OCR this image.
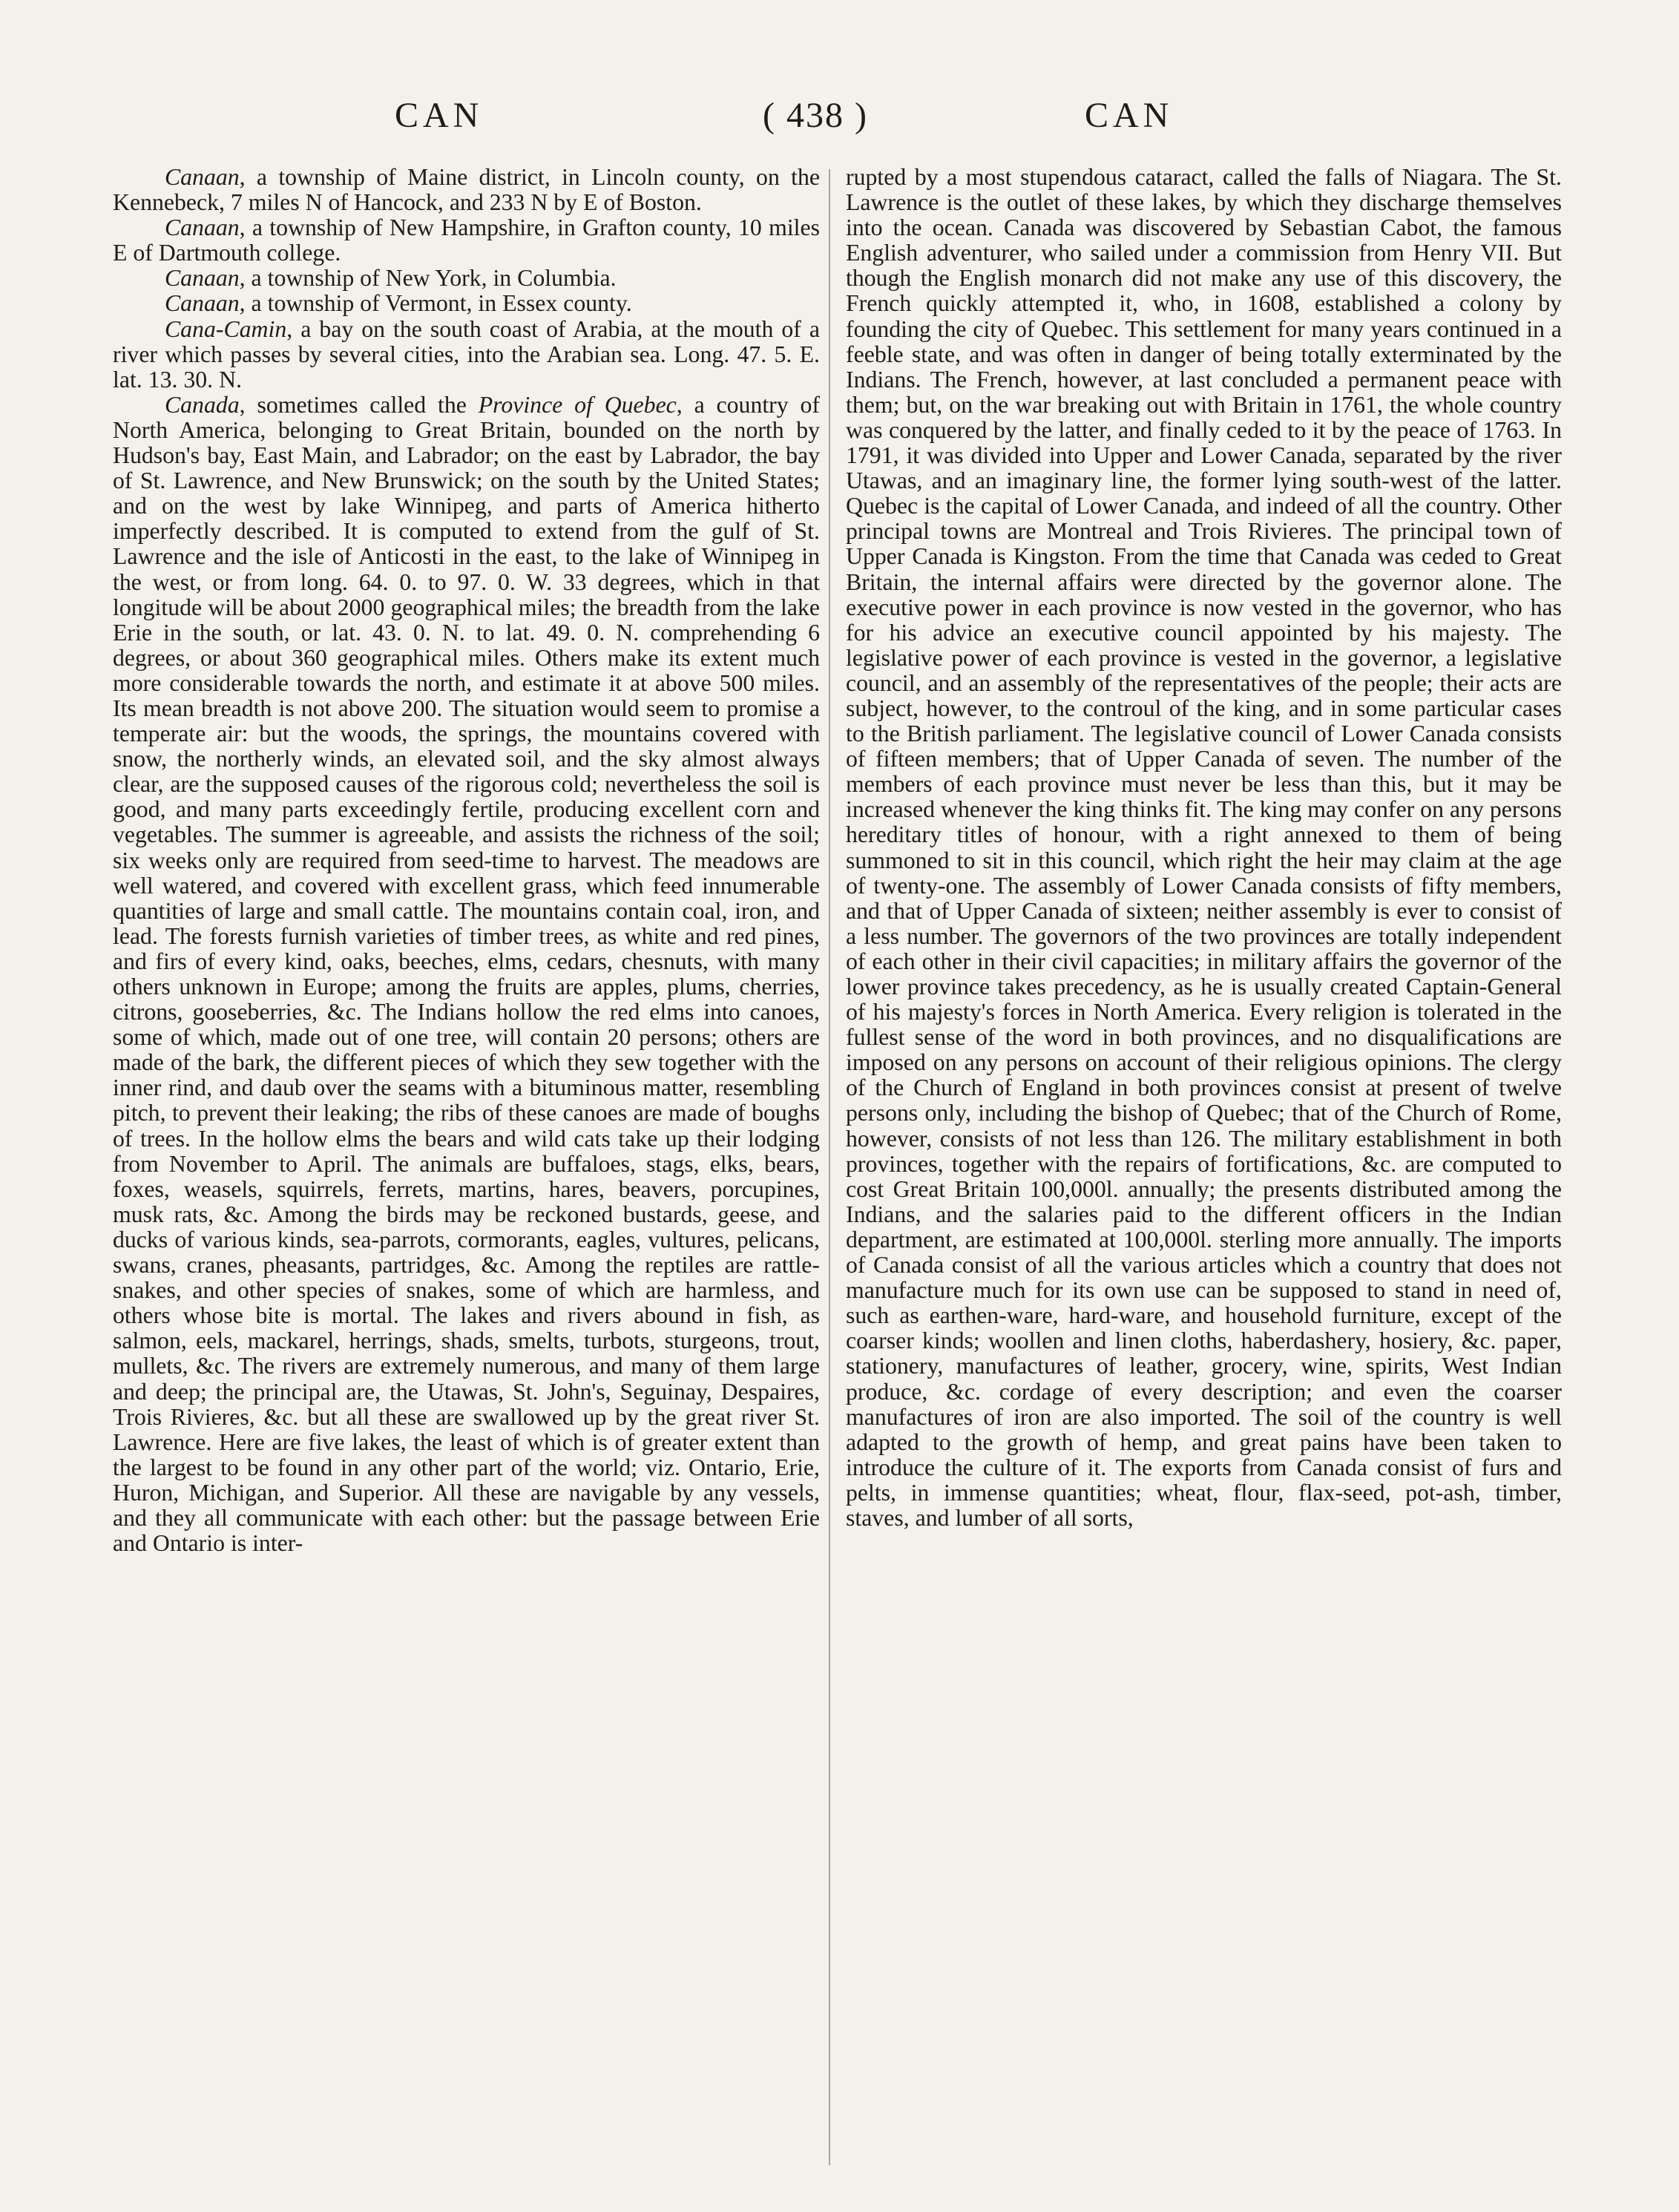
CAN	( 438 )	CAN

Canaan, a township of Maine district, in Lincoln county, on the Kennebeck, 7 miles N of Hancock, and 233 N by E of Boston.

Canaan, a township of New Hampshire, in Grafton county, 10 miles E of Dartmouth college.

Canaan, a township of New York, in Columbia.

Canaan, a township of Vermont, in Essex county.

Cana-Camin, a bay on the south coast of Arabia, at the mouth of a river which passes by several cities, into the Arabian sea. Long. 47. 5. E. lat. 13. 30. N.

Canada, sometimes called the Province of Quebec, a country of North America, belonging to Great Britain, bounded on the north by Hudson's bay, East Main, and Labrador; on the east by Labrador, the bay of St. Lawrence, and New Brunswick; on the south by the United States; and on the west by lake Winnipeg, and parts of America hitherto imperfectly described. It is computed to extend from the gulf of St. Lawrence and the isle of Anticosti in the east, to the lake of Winnipeg in the west, or from long. 64. 0. to 97. 0. W. 33 degrees, which in that longitude will be about 2000 geographical miles; the breadth from the lake Erie in the south, or lat. 43. 0. N. to lat. 49. 0. N. comprehending 6 degrees, or about 360 geographical miles. Others make its extent much more considerable towards the north, and estimate it at above 500 miles. Its mean breadth is not above 200. The situation would seem to promise a temperate air: but the woods, the springs, the mountains covered with snow, the northerly winds, an elevated soil, and the sky almost always clear, are the supposed causes of the rigorous cold; nevertheless the soil is good, and many parts exceedingly fertile, producing excellent corn and vegetables. The summer is agreeable, and assists the richness of the soil; six weeks only are required from seed-time to harvest. The meadows are well watered, and covered with excellent grass, which feed innumerable quantities of large and small cattle. The mountains contain coal, iron, and lead. The forests furnish varieties of timber trees, as white and red pines, and firs of every kind, oaks, beeches, elms, cedars, chesnuts, with many others unknown in Europe; among the fruits are apples, plums, cherries, citrons, gooseberries, &c. The Indians hollow the red elms into canoes, some of which, made out of one tree, will contain 20 persons; others are made of the bark, the different pieces of which they sew together with the inner rind, and daub over the seams with a bituminous matter, resembling pitch, to prevent their leaking; the ribs of these canoes are made of boughs of trees. In the hollow elms the bears and wild cats take up their lodging from November to April. The animals are buffaloes, stags, elks, bears, foxes, weasels, squirrels, ferrets, martins, hares, beavers, porcupines, musk rats, &c. Among the birds may be reckoned bustards, geese, and ducks of various kinds, sea-parrots, cormorants, eagles, vultures, pelicans, swans, cranes, pheasants, partridges, &c. Among the reptiles are rattle-snakes, and other species of snakes, some of which are harmless, and others whose bite is mortal. The lakes and rivers abound in fish, as salmon, eels, mackarel, herrings, shads, smelts, turbots, sturgeons, trout, mullets, &c. The rivers are extremely numerous, and many of them large and deep; the principal are, the Utawas, St. John's, Seguinay, Despaires, Trois Rivieres, &c. but all these are swallowed up by the great river St. Lawrence. Here are five lakes, the least of which is of greater extent than the largest to be found in any other part of the world; viz. Ontario, Erie, Huron, Michigan, and Superior. All these are navigable by any vessels, and they all communicate with each other: but the passage between Erie and Ontario is inter-

rupted by a most stupendous cataract, called the falls of Niagara. The St. Lawrence is the outlet of these lakes, by which they discharge themselves into the ocean. Canada was discovered by Sebastian Cabot, the famous English adventurer, who sailed under a commission from Henry VII. But though the English monarch did not make any use of this discovery, the French quickly attempted it, who, in 1608, established a colony by founding the city of Quebec. This settlement for many years continued in a feeble state, and was often in danger of being totally exterminated by the Indians. The French, however, at last concluded a permanent peace with them; but, on the war breaking out with Britain in 1761, the whole country was conquered by the latter, and finally ceded to it by the peace of 1763. In 1791, it was divided into Upper and Lower Canada, separated by the river Utawas, and an imaginary line, the former lying south-west of the latter. Quebec is the capital of Lower Canada, and indeed of all the country. Other principal towns are Montreal and Trois Rivieres. The principal town of Upper Canada is Kingston. From the time that Canada was ceded to Great Britain, the internal affairs were directed by the governor alone. The executive power in each province is now vested in the governor, who has for his advice an executive council appointed by his majesty. The legislative power of each province is vested in the governor, a legislative council, and an assembly of the representatives of the people; their acts are subject, however, to the controul of the king, and in some particular cases to the British parliament. The legislative council of Lower Canada consists of fifteen members; that of Upper Canada of seven. The number of the members of each province must never be less than this, but it may be increased whenever the king thinks fit. The king may confer on any persons hereditary titles of honour, with a right annexed to them of being summoned to sit in this council, which right the heir may claim at the age of twenty-one. The assembly of Lower Canada consists of fifty members, and that of Upper Canada of sixteen; neither assembly is ever to consist of a less number. The governors of the two provinces are totally independent of each other in their civil capacities; in military affairs the governor of the lower province takes precedency, as he is usually created Captain-General of his majesty's forces in North America. Every religion is tolerated in the fullest sense of the word in both provinces, and no disqualifications are imposed on any persons on account of their religious opinions. The clergy of the Church of England in both provinces consist at present of twelve persons only, including the bishop of Quebec; that of the Church of Rome, however, consists of not less than 126. The military establishment in both provinces, together with the repairs of fortifications, &c. are computed to cost Great Britain 100,000l. annually; the presents distributed among the Indians, and the salaries paid to the different officers in the Indian department, are estimated at 100,000l. sterling more annually. The imports of Canada consist of all the various articles which a country that does not manufacture much for its own use can be supposed to stand in need of, such as earthen-ware, hard-ware, and household furniture, except of the coarser kinds; woollen and linen cloths, haberdashery, hosiery, &c. paper, stationery, manufactures of leather, grocery, wine, spirits, West Indian produce, &c. cordage of every description; and even the coarser manufactures of iron are also imported. The soil of the country is well adapted to the growth of hemp, and great pains have been taken to introduce the culture of it. The exports from Canada consist of furs and pelts, in immense quantities; wheat, flour, flax-seed, pot-ash, timber, staves, and lumber of all sorts,
